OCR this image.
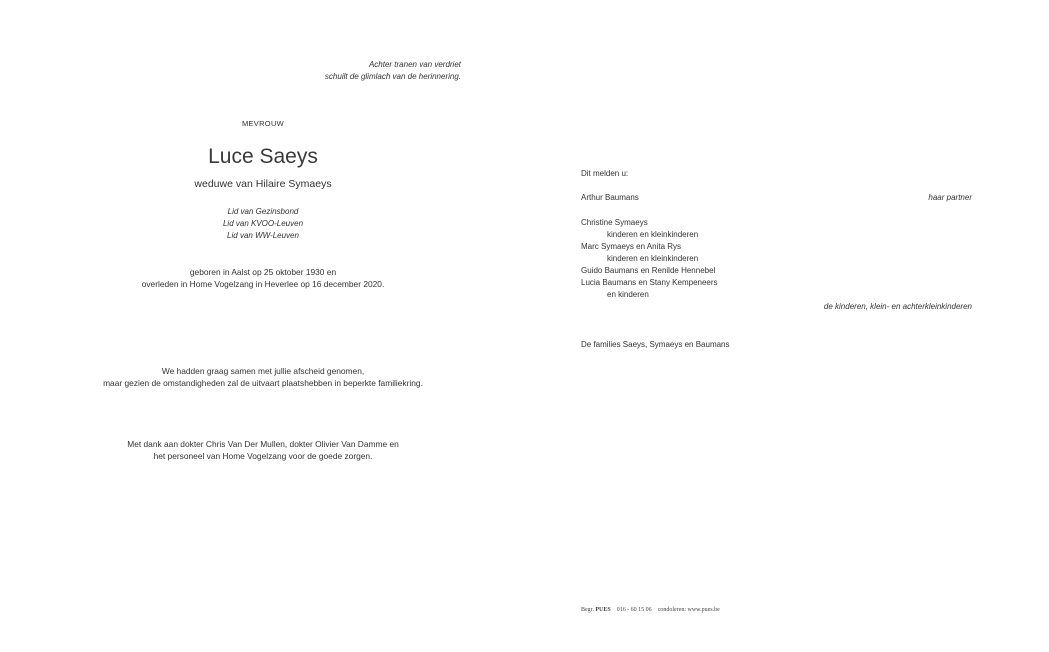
Achter tranen van verdriet
schuilt de glimlach van de herinnering.
MEVROUW
Luce Saeys
weduwe van Hilaire Symaeys
Lid van Gezinsbond
Lid van KVOO-Leuven
Lid van WW-Leuven
geboren in Aalst op 25 oktober 1930 en
overleden in Home Vogelzang in Heverlee op 16 december 2020.
We hadden graag samen met jullie afscheid genomen,
maar gezien de omstandigheden zal de uitvaart plaatshebben in beperkte familiekring.
Met dank aan dokter Chris Van Der Mullen, dokter Olivier Van Damme en
het personeel van Home Vogelzang voor de goede zorgen.
Dit melden u:
Arthur Baumans	haar partner
Christine Symaeys
kinderen en kleinkinderen
Marc Symaeys en Anita Rys
kinderen en kleinkinderen
Guido Baumans en Renilde Hennebel
Lucia Baumans en Stany Kempeneers
en kinderen
de kinderen, klein- en achterkleinkinderen
De families Saeys, Symaeys en Baumans
Begr. PUES 016 - 60 15 06 condoleren: www.pues.be
